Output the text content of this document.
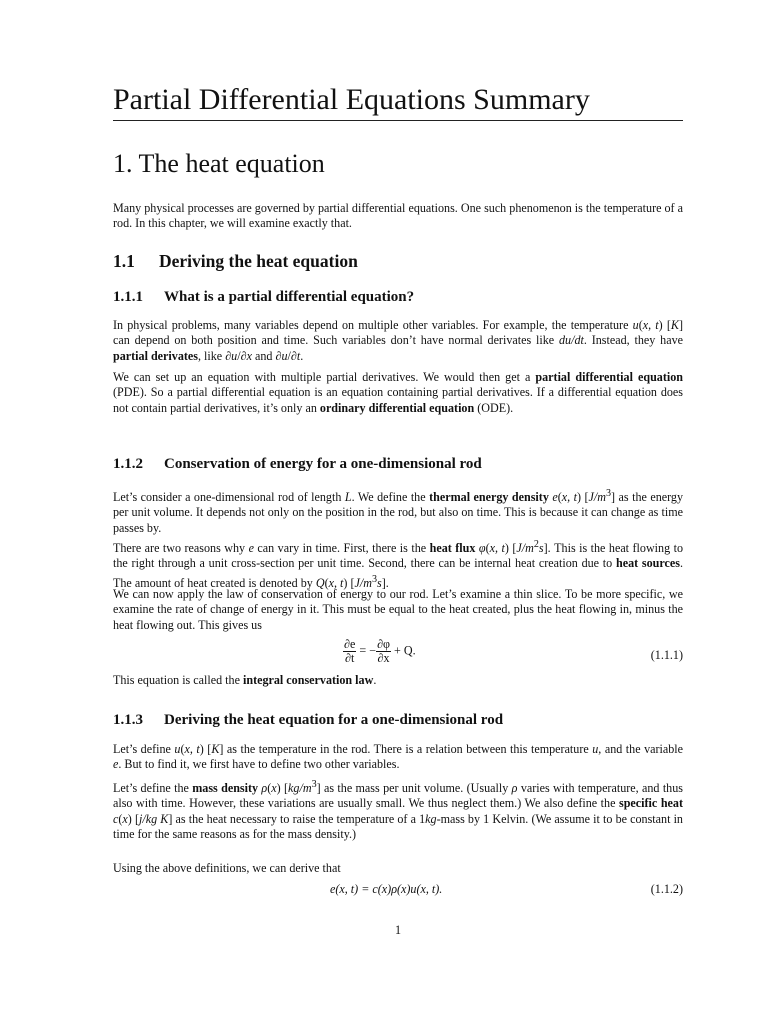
Partial Differential Equations Summary
1. The heat equation
Many physical processes are governed by partial differential equations. One such phenomenon is the temperature of a rod. In this chapter, we will examine exactly that.
1.1 Deriving the heat equation
1.1.1 What is a partial differential equation?
In physical problems, many variables depend on multiple other variables. For example, the temperature u(x, t) [K] can depend on both position and time. Such variables don’t have normal derivates like du/dt. Instead, they have partial derivates, like ∂u/∂x and ∂u/∂t.
We can set up an equation with multiple partial derivatives. We would then get a partial differential equation (PDE). So a partial differential equation is an equation containing partial derivatives. If a differential equation does not contain partial derivatives, it’s only an ordinary differential equation (ODE).
1.1.2 Conservation of energy for a one-dimensional rod
Let’s consider a one-dimensional rod of length L. We define the thermal energy density e(x, t) $[J/m^3]$ as the energy per unit volume. It depends not only on the position in the rod, but also on time. This is because it can change as time passes by.
There are two reasons why e can vary in time. First, there is the heat flux φ(x, t) $[J/m^2s]$. This is the heat flowing to the right through a unit cross-section per unit time. Second, there can be internal heat creation due to heat sources. The amount of heat created is denoted by Q(x, t) $[J/m^3s]$.
We can now apply the law of conservation of energy to our rod. Let’s examine a thin slice. To be more specific, we examine the rate of change of energy in it. This must be equal to the heat created, plus the heat flowing in, minus the heat flowing out. This gives us
$\frac{\partial e}{\partial t}$ = − $\frac{\partial\varphi}{\partial x} + Q$.	(1.1.1)
This equation is called the integral conservation law.
1.1.3 Deriving the heat equation for a one-dimensional rod
Let’s define u(x, t) [K] as the temperature in the rod. There is a relation between this temperature u, and the variable e. But to find it, we first have to define two other variables.
Let’s define the mass density ρ(x) $[kg/m^3]$ as the mass per unit volume. (Usually ρ varies with temperature, and thus also with time. However, these variations are usually small. We thus neglect them.) We also define the specific heat c(x) [j/kg K] as the heat necessary to raise the temperature of a 1kg-mass by 1 Kelvin. (We assume it to be constant in time for the same reasons as for the mass density.)
Using the above definitions, we can derive that
e(x, t) = c(x)ρ(x)u(x, t).	(1.1.2)
1
